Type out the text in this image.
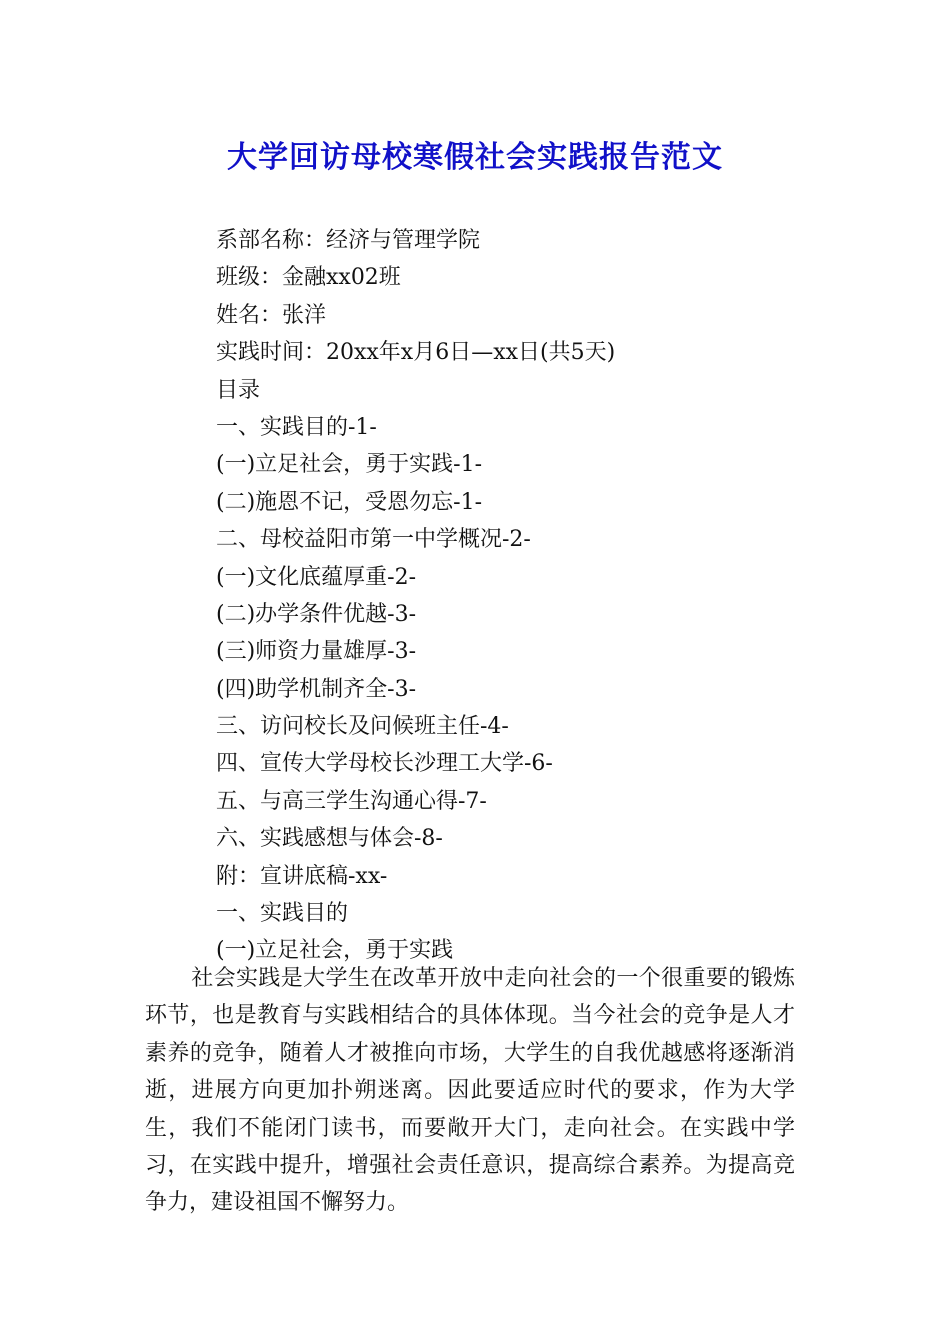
大学回访母校寒假社会实践报告范文
系部名称：经济与管理学院
班级：金融xx02班
姓名：张洋
实践时间：20xx年x月6日—xx日(共5天)
目录
一、实践目的-1-
(一)立足社会，勇于实践-1-
(二)施恩不记，受恩勿忘-1-
二、母校益阳市第一中学概况-2-
(一)文化底蕴厚重-2-
(二)办学条件优越-3-
(三)师资力量雄厚-3-
(四)助学机制齐全-3-
三、访问校长及问候班主任-4-
四、宣传大学母校长沙理工大学-6-
五、与高三学生沟通心得-7-
六、实践感想与体会-8-
附：宣讲底稿-xx-
一、实践目的
(一)立足社会，勇于实践

社会实践是大学生在改革开放中走向社会的一个很重要的锻炼环节，也是教育与实践相结合的具体体现。当今社会的竞争是人才素养的竞争，随着人才被推向市场，大学生的自我优越感将逐渐消逝，进展方向更加扑朔迷离。因此要适应时代的要求，作为大学生，我们不能闭门读书，而要敞开大门，走向社会。在实践中学习，在实践中提升，增强社会责任意识，提高综合素养。为提高竞争力，建设祖国不懈努力。
